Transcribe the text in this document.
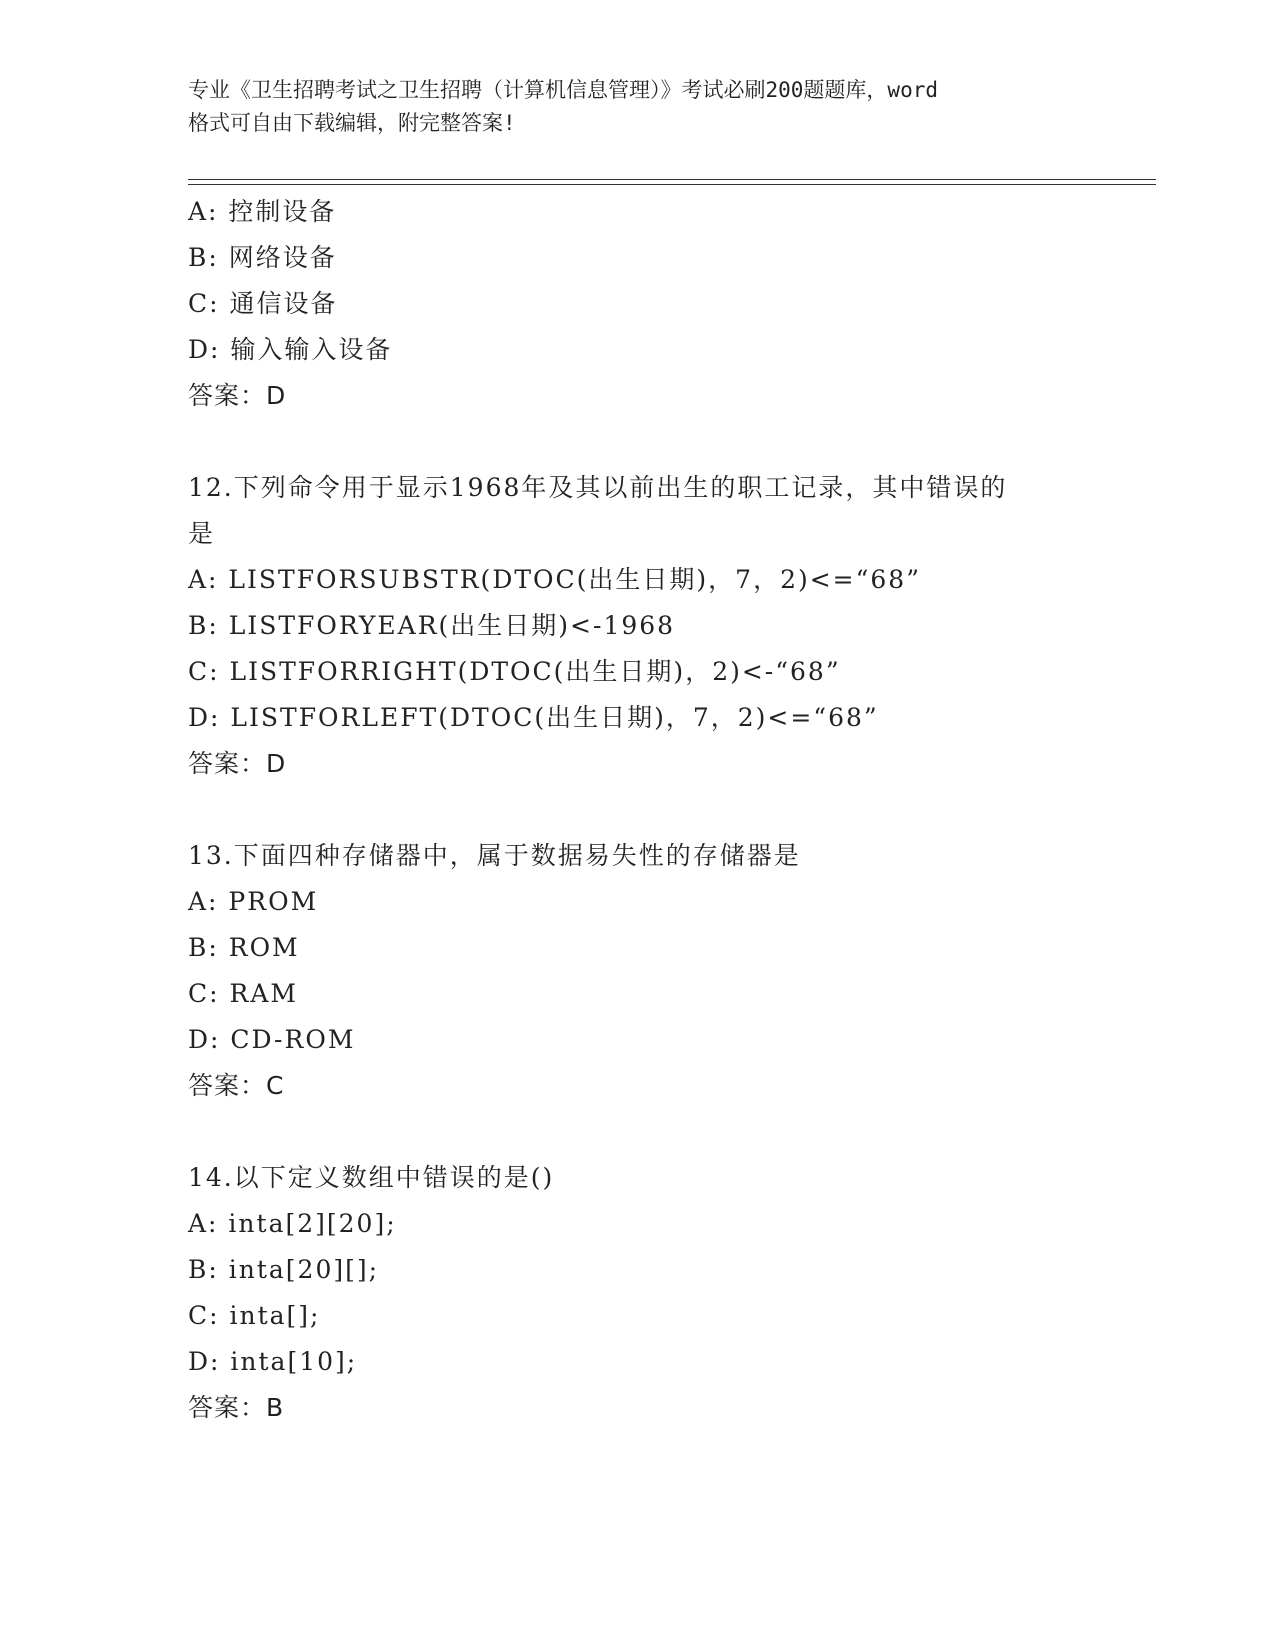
专业《卫生招聘考试之卫生招聘（计算机信息管理）》考试必刷200题题库，word
格式可自由下载编辑，附完整答案!
A: 控制设备
B: 网络设备
C: 通信设备
D: 输入输入设备
答案：D
12.下列命令用于显示1968年及其以前出生的职工记录，其中错误的
是
A: LISTFORSUBSTR(DTOC(出生日期)，7，2)<=“68”
B: LISTFORYEAR(出生日期)<-1968
C: LISTFORRIGHT(DTOC(出生日期)，2)<-“68”
D: LISTFORLEFT(DTOC(出生日期)，7，2)<=“68”
答案：D
13.下面四种存储器中，属于数据易失性的存储器是
A: PROM
B: ROM
C: RAM
D: CD-ROM
答案：C
14.以下定义数组中错误的是()
A: inta[2][20];
B: inta[20][];
C: inta[];
D: inta[10];
答案：B
